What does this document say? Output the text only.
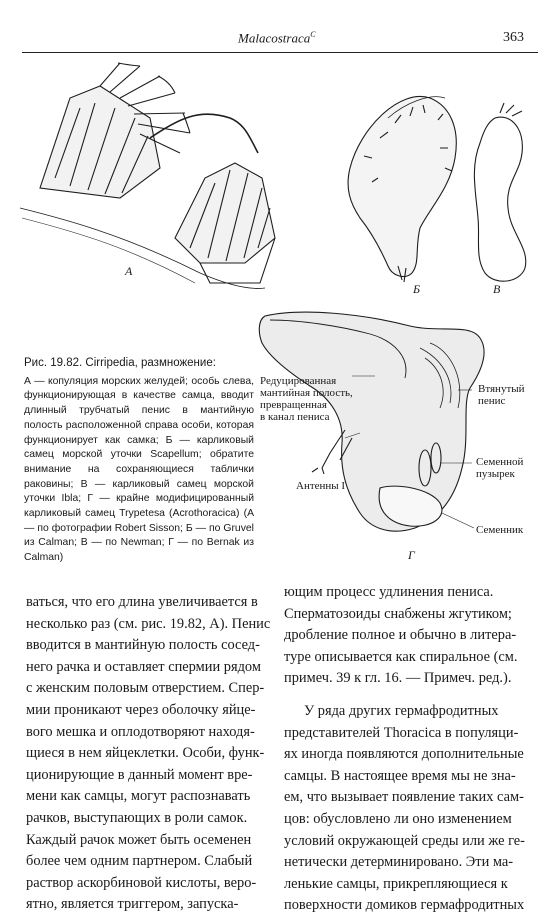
Malacostraca$^C$	363
А
Б	В
Г
Редуцированная
мантийная полость,
превращенная
в канал пениса
Втянутый
пенис
Антенны I
Семенной
пузырек
Семенник
Рис. 19.82. Cirripedia, размножение:

А — копуляция морских желудей; особь слева, функционирующая в качестве самца, вводит длинный трубчатый пенис в мантийную полость расположенной справа особи, которая функционирует как самка; Б — карликовый самец морской уточки Scapellum; обратите внимание на сохраняющиеся таблички раковины; В — карликовый самец морской уточки Ibla; Г — крайне модифицированный карликовый самец Trypetesa (Acrothoracica) (А — по фотографии Robert Sisson; Б — по Gruvel из Calman; В — по Newman; Г — по Bernak из Calman)

ваться, что его длина увеличивается в
несколько раз (см. рис. 19.82, А). Пенис
вводится в мантийную полость сосед-
него рачка и оставляет спермии рядом
с женским половым отверстием. Спер-
мии проникают через оболочку яйце-
вого мешка и оплодотворяют находя-
щиеся в нем яйцеклетки. Особи, функ-
ционирующие в данный момент вре-
мени как самцы, могут распознавать
рачков, выступающих в роли самок.
Каждый рачок может быть осеменен
более чем одним партнером. Слабый
раствор аскорбиновой кислоты, веро-
ятно, является триггером, запуска-
ющим процесс удлинения пениса.
Сперматозоиды снабжены жгутиком;
дробление полное и обычно в литера-
туре описывается как спиральное (см.
примеч. 39 к гл. 16. — Примеч. ред.).
У ряда других гермафродитных
представителей Thoracica в популяци-
ях иногда появляются дополнительные
самцы. В настоящее время мы не зна-
ем, что вызывает появление таких сам-
цов: обусловлено ли оно изменением
условий окружающей среды или же ге-
нетически детерминировано. Эти ма-
ленькие самцы, прикрепляющиеся к
поверхности домиков гермафродитных
